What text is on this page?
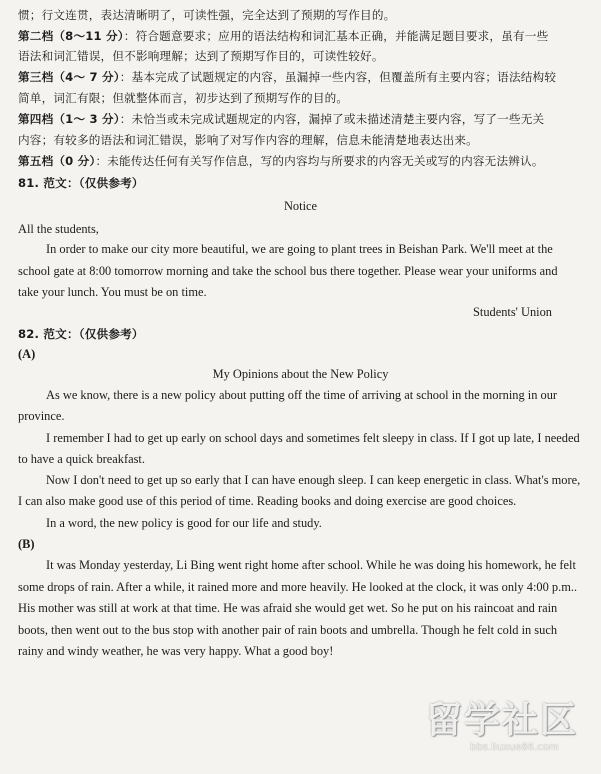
惯；行文连贯，表达清晰明了，可读性强，完全达到了预期的写作目的。
第二档（8～11 分）：符合题意要求；应用的语法结构和词汇基本正确，并能满足题目要求，虽有一些
语法和词汇错误，但不影响理解；达到了预期写作目的，可读性较好。
第三档（4～ 7 分）：基本完成了试题规定的内容，虽漏掉一些内容，但覆盖所有主要内容；语法结构较
简单，词汇有限；但就整体而言，初步达到了预期写作的目的。
第四档（1～ 3 分）：未恰当或未完成试题规定的内容，漏掉了或未描述清楚主要内容，写了一些无关
内容；有较多的语法和词汇错误，影响了对写作内容的理解，信息未能清楚地表达出来。
第五档（0 分）：未能传达任何有关写作信息，写的内容均与所要求的内容无关或写的内容无法辨认。
81. 范文：（仅供参考）
Notice
All the students,
In order to make our city more beautiful, we are going to plant trees in Beishan Park. We'll meet at the
school gate at 8:00 tomorrow morning and take the school bus there together. Please wear your uniforms and
take your lunch. You must be on time.
Students' Union
82. 范文：（仅供参考）
(A)
My Opinions about the New Policy
As we know, there is a new policy about putting off the time of arriving at school in the morning in our
province.
I remember I had to get up early on school days and sometimes felt sleepy in class. If I got up late, I needed
to have a quick breakfast.
Now I don't need to get up so early that I can have enough sleep. I can keep energetic in class. What's more,
I can also make good use of this period of time. Reading books and doing exercise are good choices.
In a word, the new policy is good for our life and study.
(B)
It was Monday yesterday, Li Bing went right home after school. While he was doing his homework, he felt
some drops of rain. After a while, it rained more and more heavily. He looked at the clock, it was only 4:00 p.m..
His mother was still at work at that time. He was afraid she would get wet. So he put on his raincoat and rain
boots, then went out to the bus stop with another pair of rain boots and umbrella. Though he felt cold in such
rainy and windy weather, he was very happy. What a good boy!
留学社区
bbs.liuxue86.com
